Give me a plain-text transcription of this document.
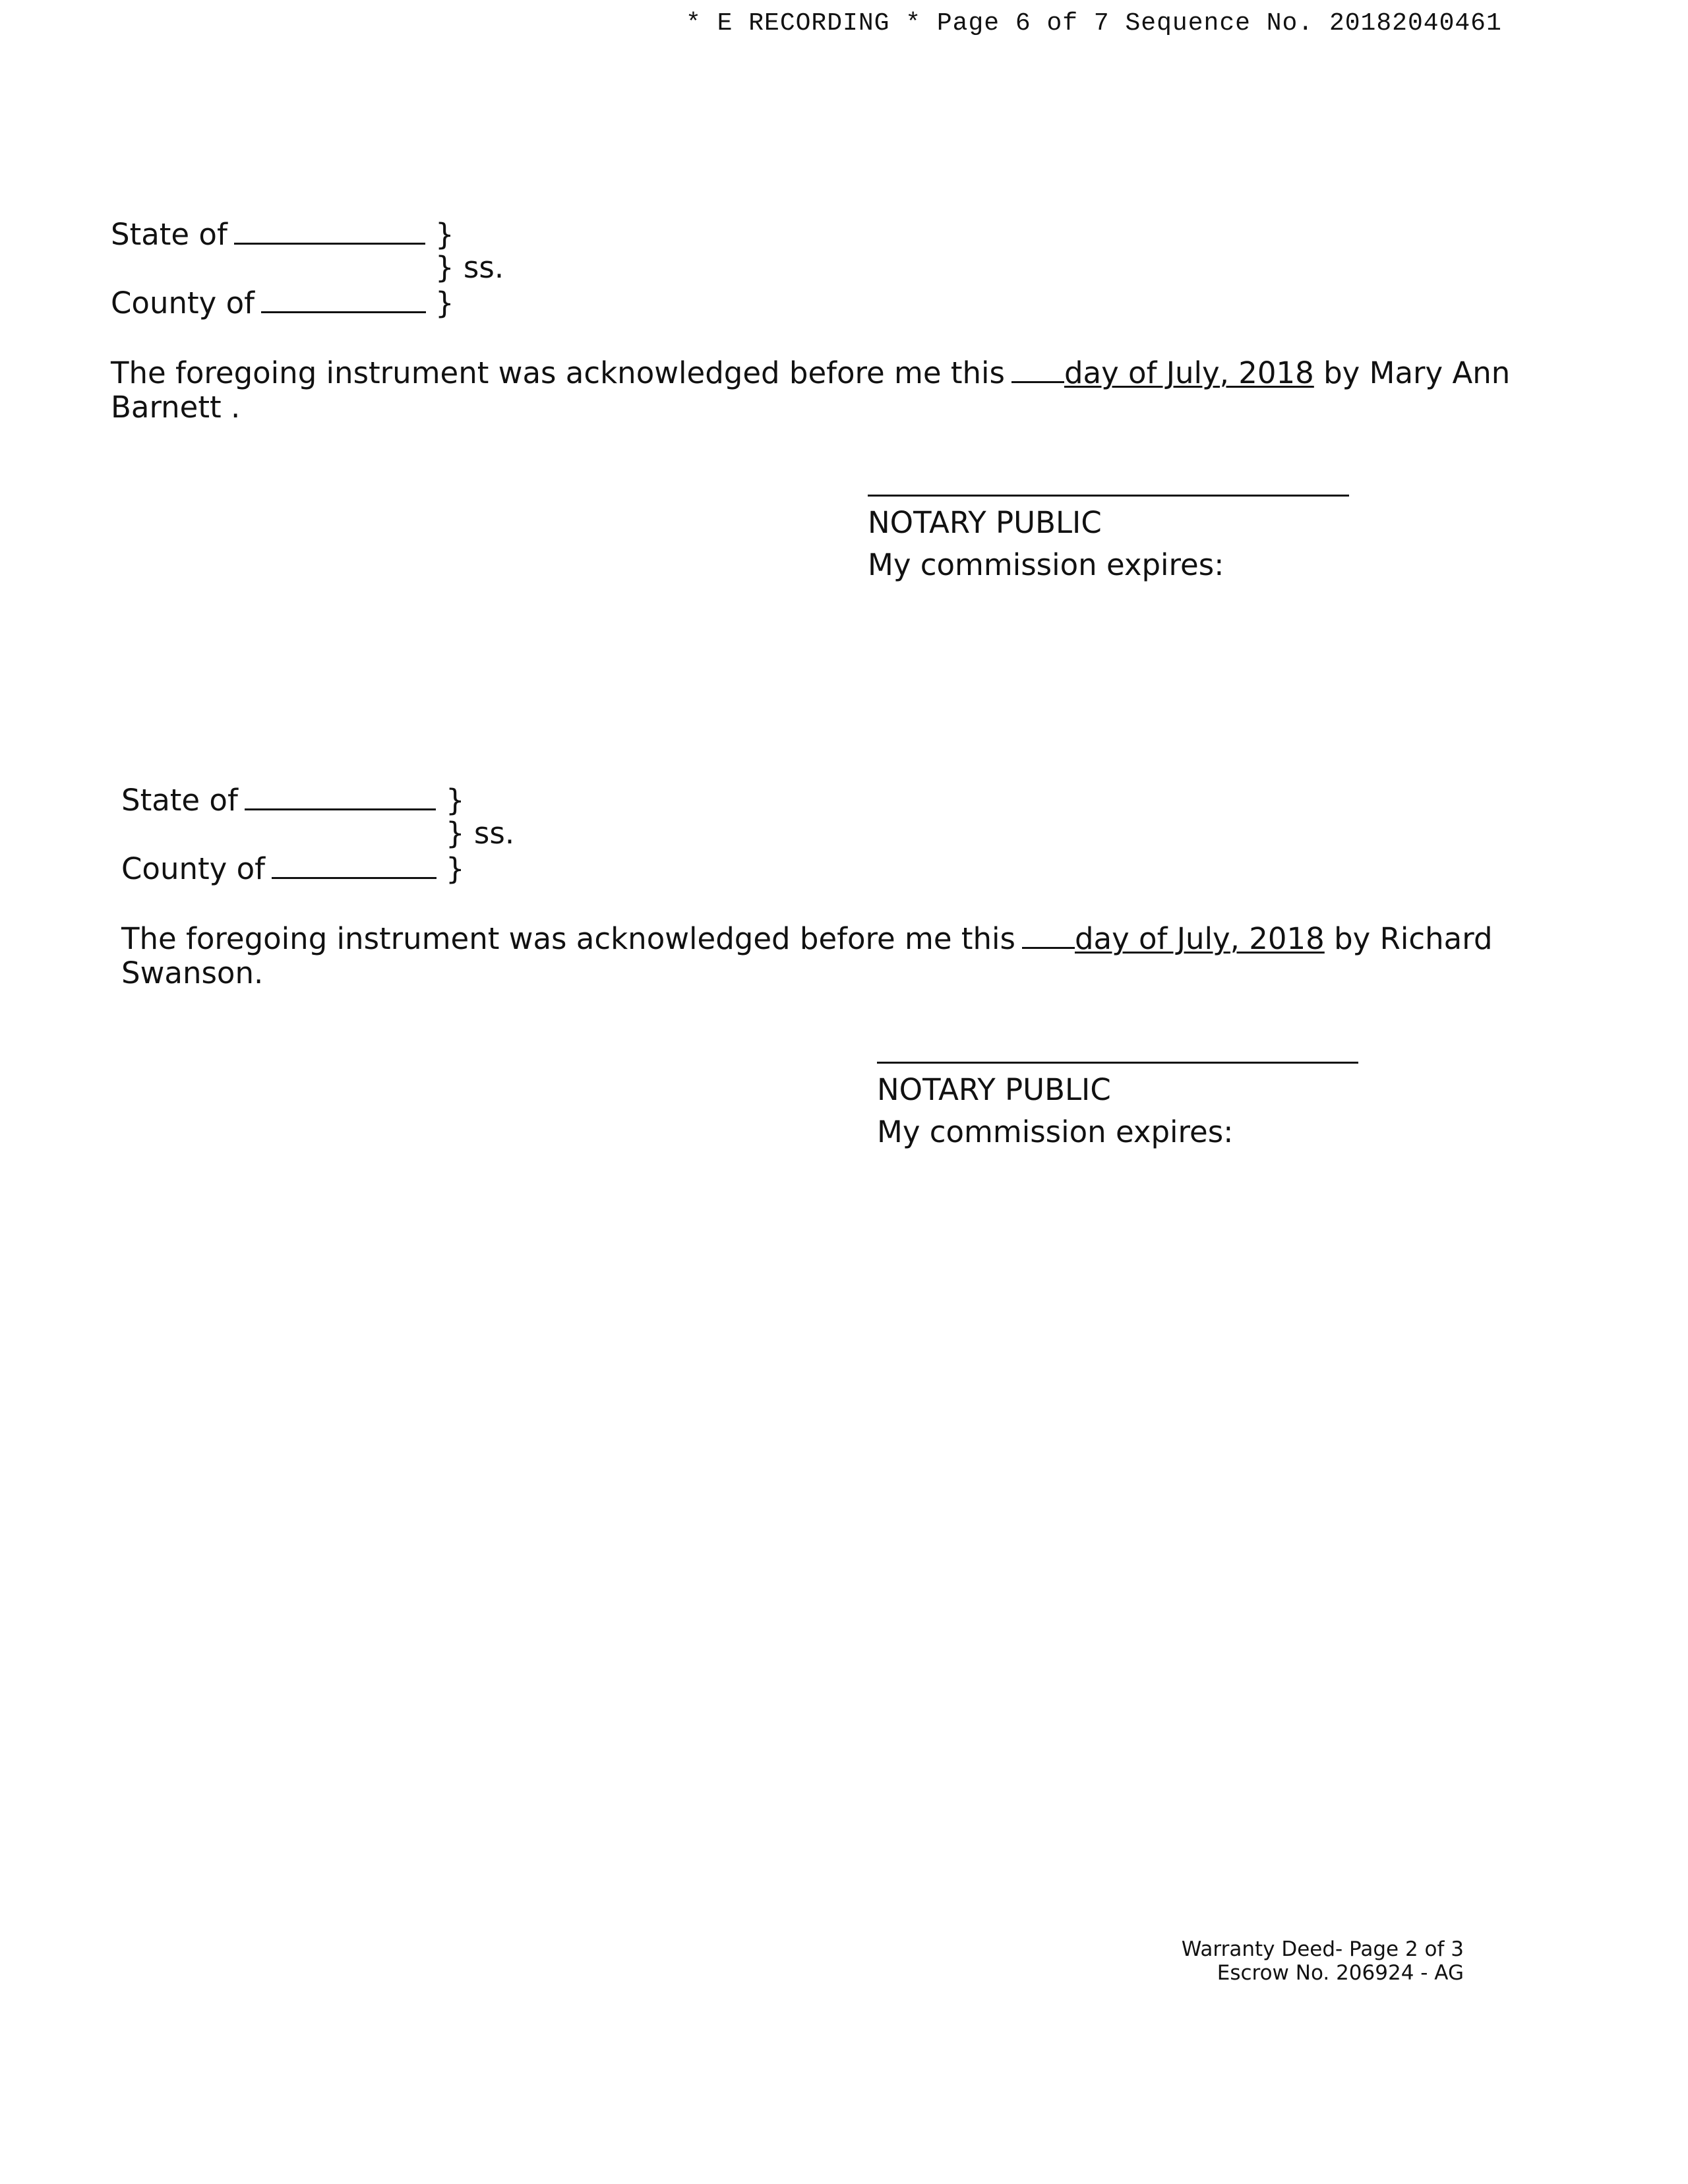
* E RECORDING * Page 6 of 7 Sequence No. 20182040461
State of	}
} ss.
County of	}
The foregoing instrument was acknowledged before me this day of July, 2018 by Mary Ann
Barnett .
NOTARY PUBLIC
My commission expires:
State of	}
} ss.
County of	}
The foregoing instrument was acknowledged before me this day of July, 2018 by Richard
Swanson.
NOTARY PUBLIC
My commission expires:
Warranty Deed- Page 2 of 3
Escrow No. 206924 - AG
